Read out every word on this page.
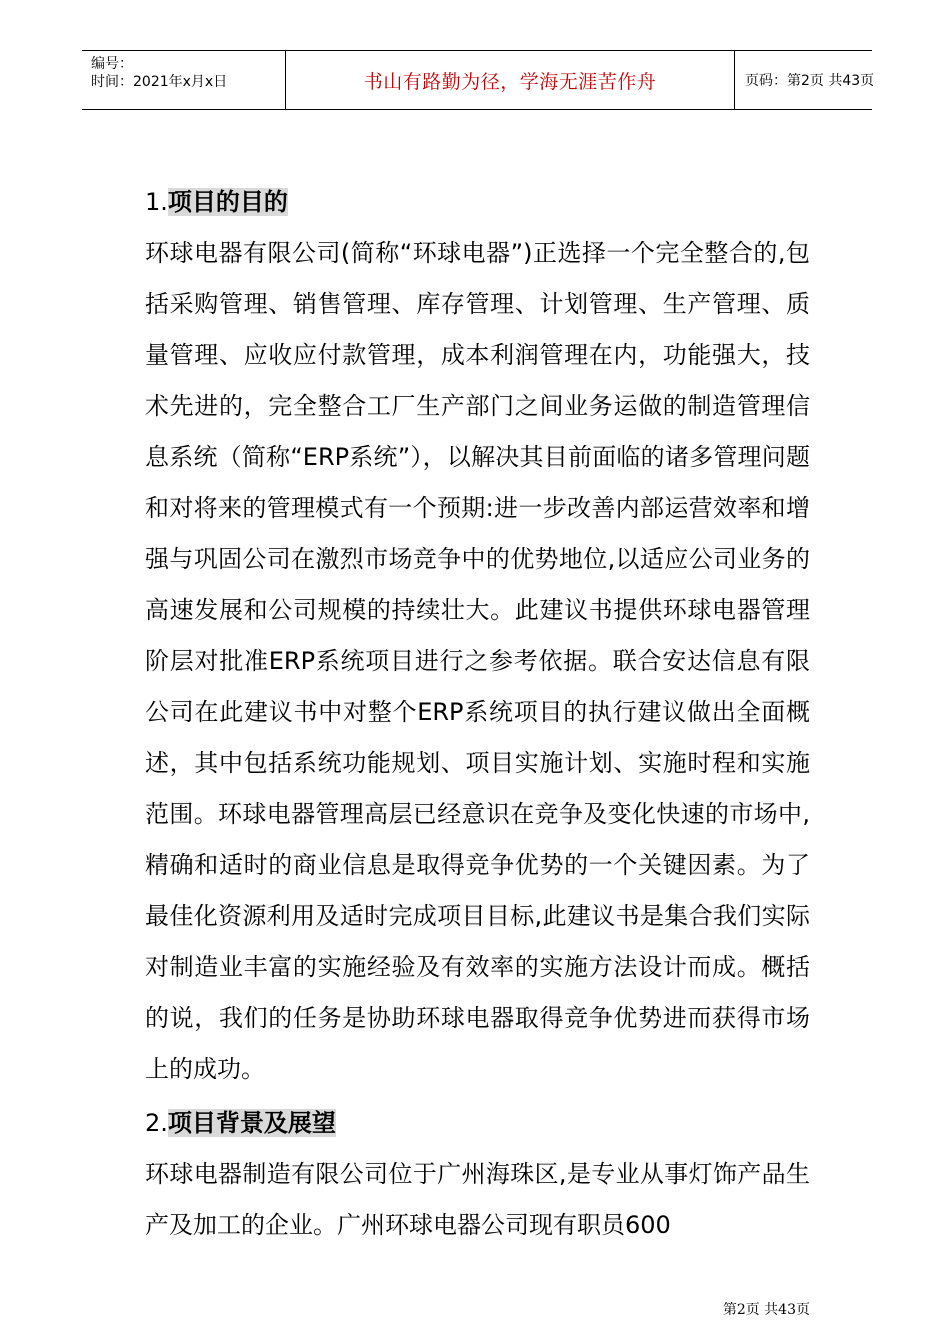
编号：
时间：2021年x月x日	书山有路勤为径，学海无涯苦作舟	页码：第2页 共43页
1.项目的目的

环球电器有限公司(简称“环球电器”)正选择一个完全整合的,包括采购管理、销售管理、库存管理、计划管理、生产管理、质量管理、应收应付款管理，成本利润管理在内，功能强大，技术先进的，完全整合工厂生产部门之间业务运做的制造管理信息系统（简称“ERP系统”），以解决其目前面临的诸多管理问题和对将来的管理模式有一个预期:进一步改善内部运营效率和增强与巩固公司在激烈市场竞争中的优势地位,以适应公司业务的高速发展和公司规模的持续壮大。此建议书提供环球电器管理阶层对批准ERP系统项目进行之参考依据。联合安达信息有限公司在此建议书中对整个ERP系统项目的执行建议做出全面概述，其中包括系统功能规划、项目实施计划、实施时程和实施范围。环球电器管理高层已经意识在竞争及变化快速的市场中,精确和适时的商业信息是取得竞争优势的一个关键因素。为了最佳化资源利用及适时完成项目目标,此建议书是集合我们实际对制造业丰富的实施经验及有效率的实施方法设计而成。概括的说，我们的任务是协助环球电器取得竞争优势进而获得市场上的成功。

2.项目背景及展望

环球电器制造有限公司位于广州海珠区,是专业从事灯饰产品生产及加工的企业。广州环球电器公司现有职员600

第2页 共43页
